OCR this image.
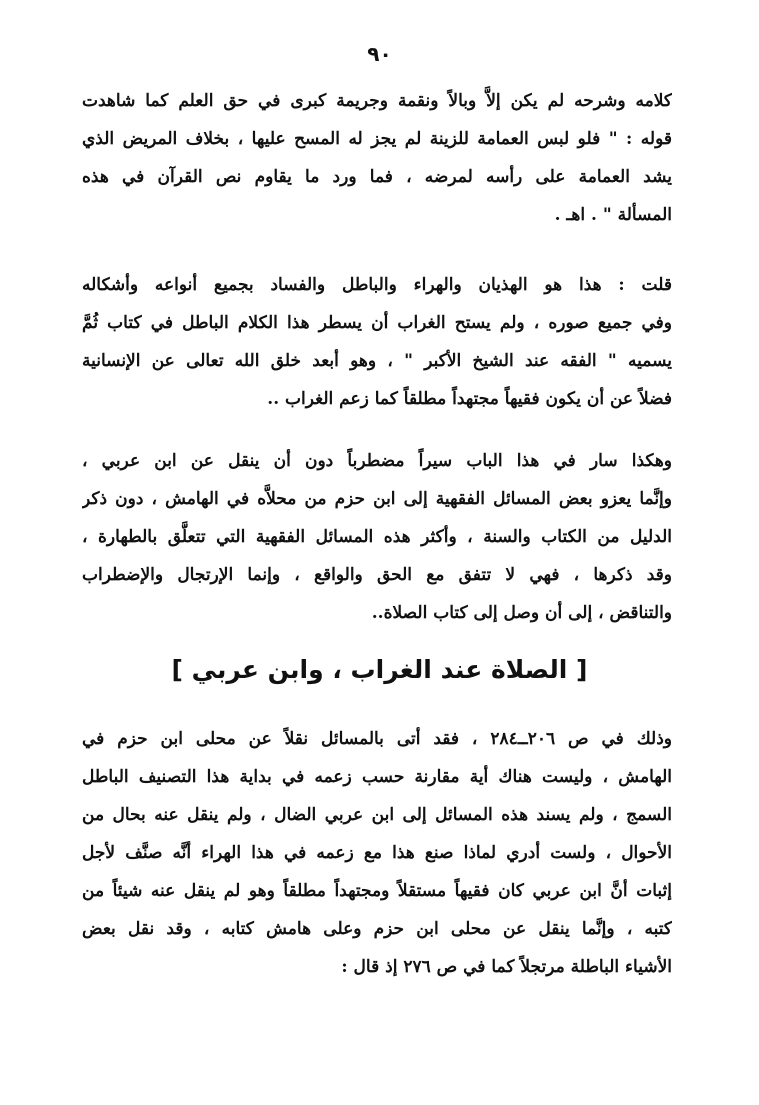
٩٠
كلامه وشرحه لم يكن إلاَّ وبالاً ونقمة وجريمة كبرى في حق العلم كما شاهدت
قوله : " فلو لبس العمامة للزينة لم يجز له المسح عليها ، بخلاف المريض الذي
يشد العمامة على رأسه لمرضه ، فما ورد ما يقاوم نص القرآن في هذه
المسألة " . اهـ .
قلت : هذا هو الهذيان والهراء والباطل والفساد بجميع أنواعه وأشكاله
وفي جميع صوره ، ولم يستح الغراب أن يسطر هذا الكلام الباطل في كتاب ثُمَّ
يسميه " الفقه عند الشيخ الأكبر " ، وهو أبعد خلق الله تعالى عن الإنسانية
فضلاً عن أن يكون فقيهاً مجتهداً مطلقاً كما زعم الغراب ..
وهكذا سار في هذا الباب سيراً مضطرباً دون أن ينقل عن ابن عربي ،
وإنَّما يعزو بعض المسائل الفقهية إلى ابن حزم من محلاَّه في الهامش ، دون ذكر
الدليل من الكتاب والسنة ، وأكثر هذه المسائل الفقهية التي تتعلَّق بالطهارة ،
وقد ذكرها ، فهي لا تتفق مع الحق والواقع ، وإنما الإرتجال والإضطراب
والتناقض ، إلى أن وصل إلى كتاب الصلاة..
[ الصلاة عند الغراب ، وابن عربي ]
وذلك في ص ٢٠٦ــ٢٨٤ ، فقد أتى بالمسائل نقلاً عن محلى ابن حزم في
الهامش ، وليست هناك أية مقارنة حسب زعمه في بداية هذا التصنيف الباطل
السمج ، ولم يسند هذه المسائل إلى ابن عربي الضال ، ولم ينقل عنه بحال من
الأحوال ، ولست أدري لماذا صنع هذا مع زعمه في هذا الهراء أنَّه صنَّف لأجل
إثبات أنَّ ابن عربي كان فقيهاً مستقلاً ومجتهداً مطلقاً وهو لم ينقل عنه شيئاً من
كتبه ، وإنَّما ينقل عن محلى ابن حزم وعلى هامش كتابه ، وقد نقل بعض
الأشياء الباطلة مرتجلاً كما في ص ٢٧٦ إذ قال :
